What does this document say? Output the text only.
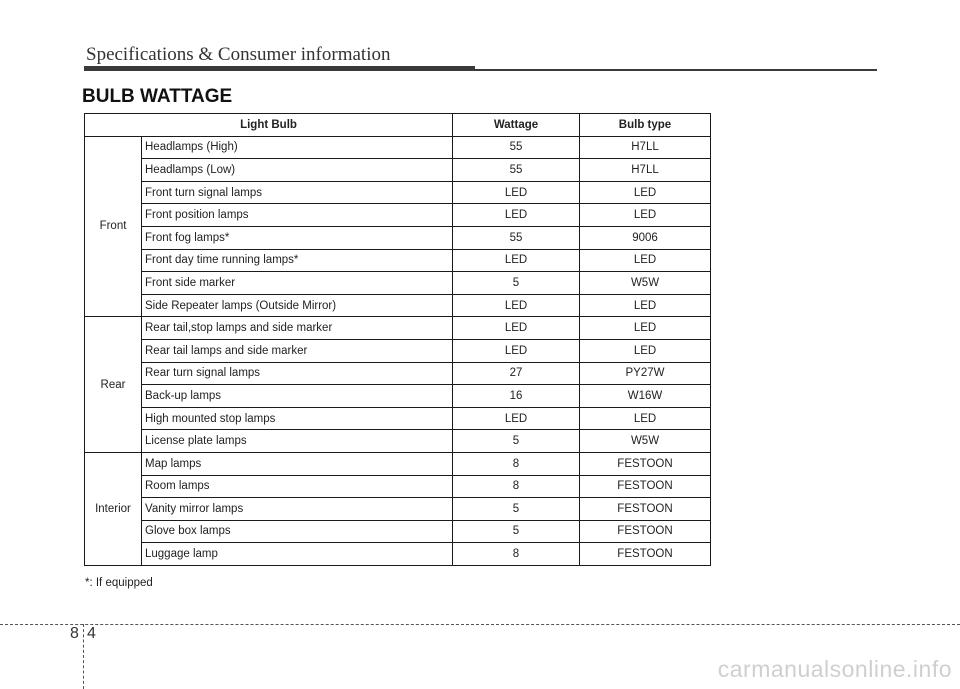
Specifications & Consumer information
BULB WATTAGE
Light Bulb		Wattage	Bulb type
Front	Headlamps (High)	55	H7LL
	Headlamps (Low)	55	H7LL
	Front turn signal lamps	LED	LED
	Front position lamps	LED	LED
	Front fog lamps*	55	9006
	Front day time running lamps*	LED	LED
	Front side marker	5	W5W
	Side Repeater lamps (Outside Mirror)	LED	LED
Rear	Rear tail,stop lamps and side marker	LED	LED
	Rear tail lamps and side marker	LED	LED
	Rear turn signal lamps	27	PY27W
	Back-up lamps	16	W16W
	High mounted stop lamps	LED	LED
	License plate lamps	5	W5W
Interior	Map lamps	8	FESTOON
	Room lamps	8	FESTOON
	Vanity mirror lamps	5	FESTOON
	Glove box lamps	5	FESTOON
	Luggage lamp	8	FESTOON
*: If equipped
8 4
carmanualsonline.info
